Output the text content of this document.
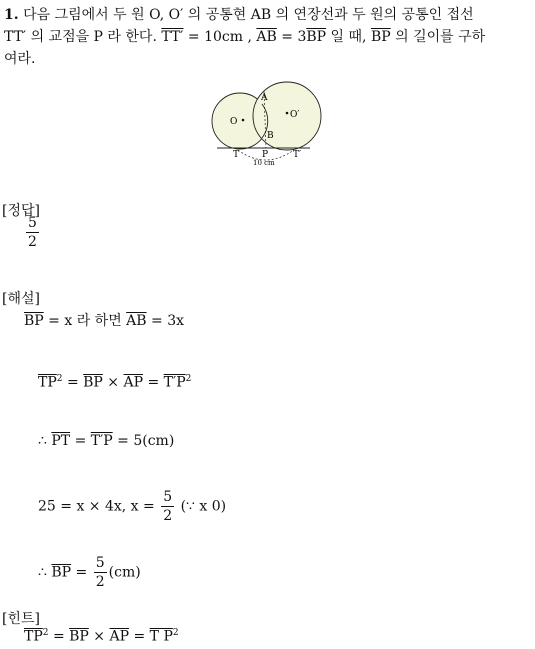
1. 다음 그림에서 두 원 O, O′ 의 공통현 AB 의 연장선과 두 원의 공통인 접선
TT′ 의 교점을 P 라 한다. TT′ = 10cm , $\overline{AB} = 3\overline{BP}$ 일 때, $\overline{BP}$ 의 길이를 구하
여라.
O
O′
A
B
T	P	T′
10 cm
[정답]
$\frac{5}{2}$
[해설]
$\overline{BP} = x$ 라 하면 $\overline{AB} = 3x$
$\overline{TP}^2 = \overline{BP} \times \overline{AP} = T'P^2$
∴ $\overline{PT} = T'P = 5(cm)$
25 = x × 4x, $x = \frac{5}{2}$ (∵ x 0)
∴ $\overline{BP} = \frac{5}{2} (cm)$
[힌트]
$\overline{TP}^2 = \overline{BP} \times \overline{AP} = T$ $P^2$
